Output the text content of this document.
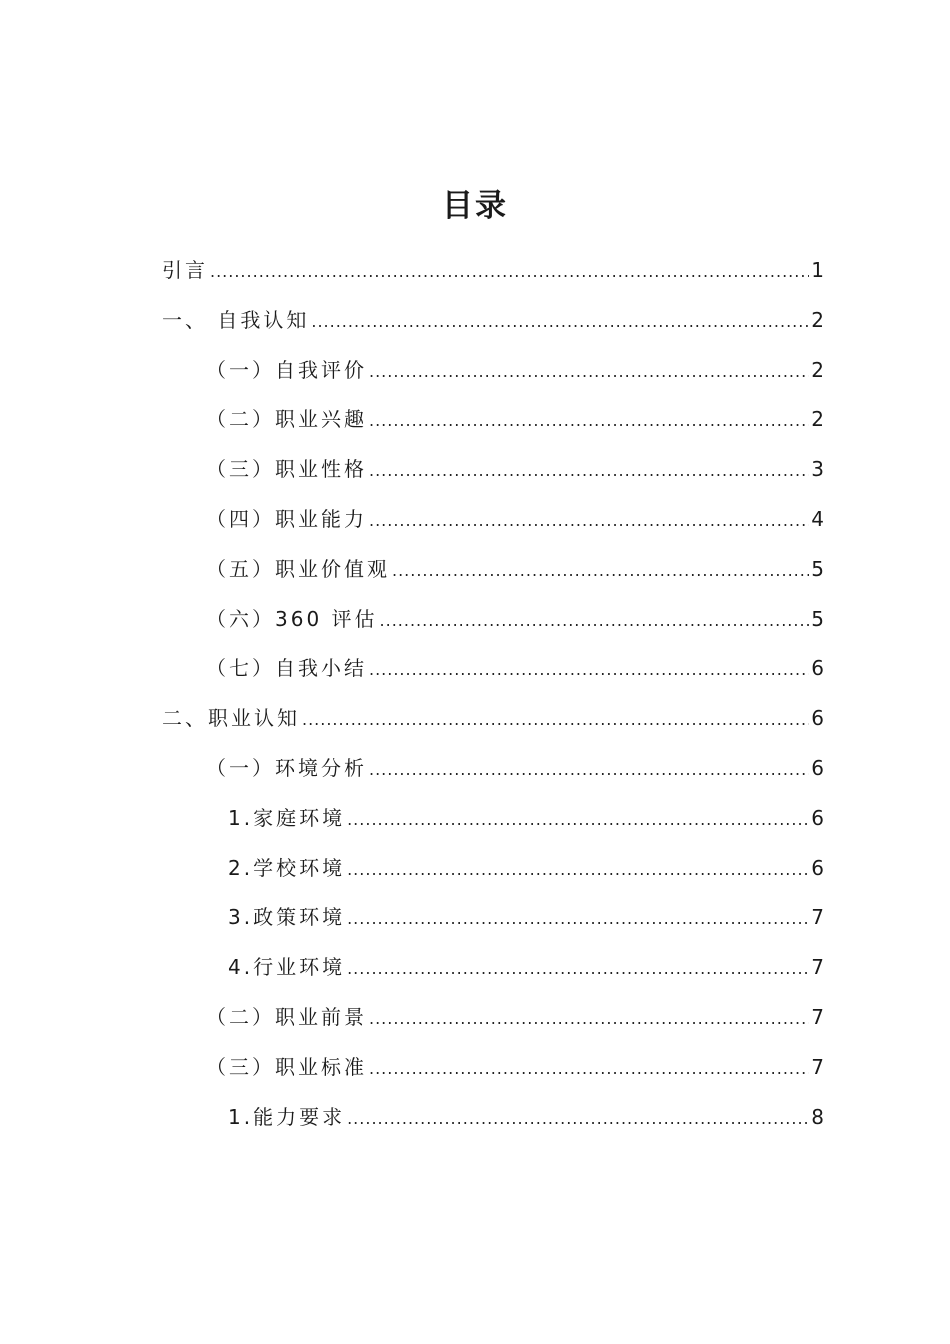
目录
引言 .....	1
一、 自我认知 .....	2
（一）自我评价 .....	2
（二）职业兴趣 .....	2
（三）职业性格 .....	3
（四）职业能力 .....	4
（五）职业价值观 .....	5
（六）360 评估 .....	5
（七）自我小结 .....	6
二、职业认知 .....	6
（一）环境分析 .....	6
1.家庭环境 .....	6
2.学校环境 .....	6
3.政策环境 .....	7
4.行业环境 .....	7
（二）职业前景 .....	7
（三）职业标准 .....	7
1.能力要求 .....	8
